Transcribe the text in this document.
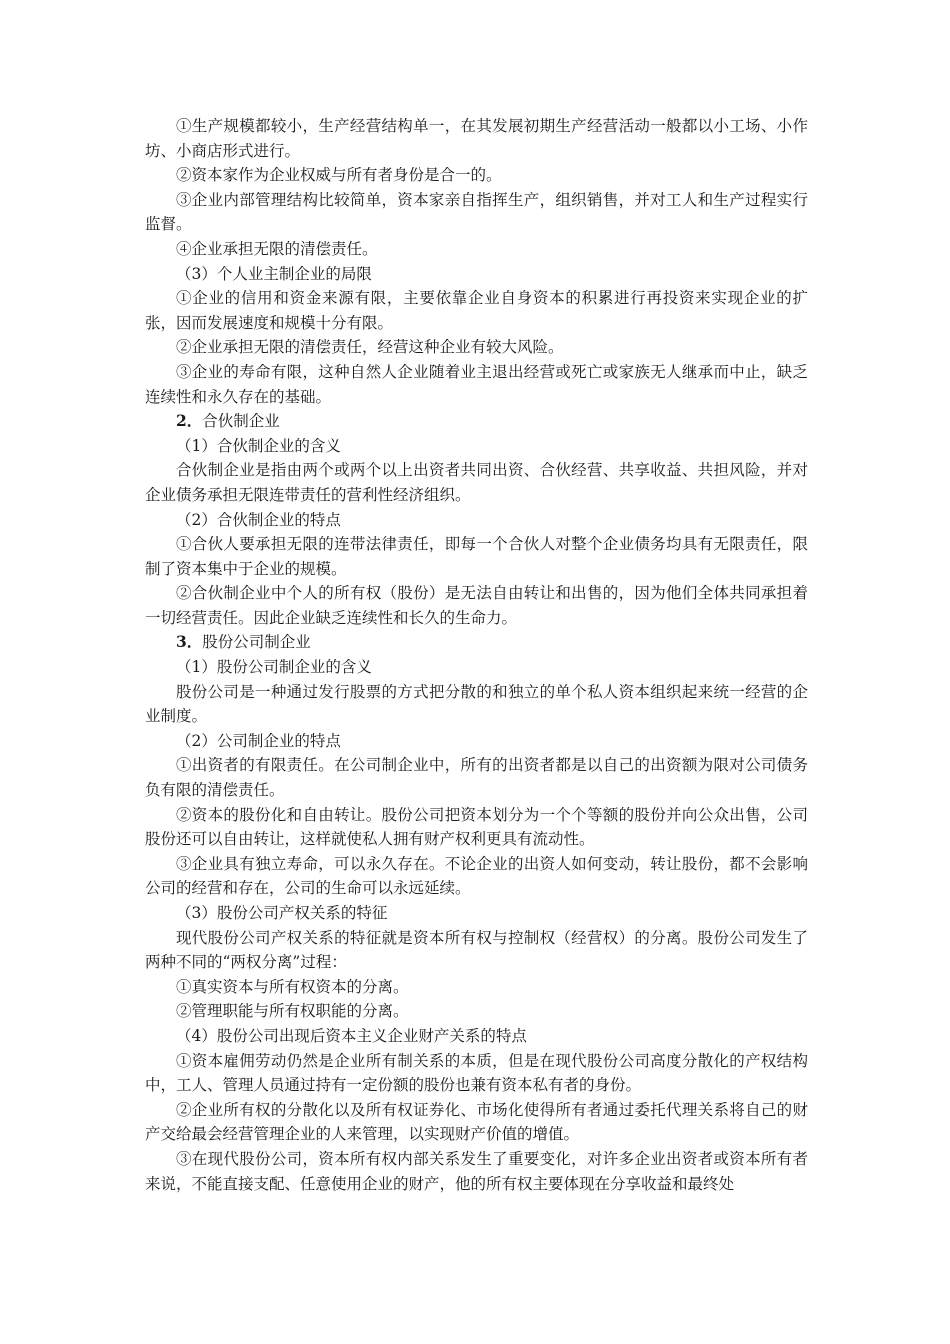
①生产规模都较小，生产经营结构单一，在其发展初期生产经营活动一般都以小工场、小作坊、小商店形式进行。

②资本家作为企业权威与所有者身份是合一的。

③企业内部管理结构比较简单，资本家亲自指挥生产，组织销售，并对工人和生产过程实行监督。

④企业承担无限的清偿责任。

（3）个人业主制企业的局限

①企业的信用和资金来源有限，主要依靠企业自身资本的积累进行再投资来实现企业的扩张，因而发展速度和规模十分有限。

②企业承担无限的清偿责任，经营这种企业有较大风险。

③企业的寿命有限，这种自然人企业随着业主退出经营或死亡或家族无人继承而中止，缺乏连续性和永久存在的基础。

2．合伙制企业

（1）合伙制企业的含义

合伙制企业是指由两个或两个以上出资者共同出资、合伙经营、共享收益、共担风险，并对企业债务承担无限连带责任的营利性经济组织。

（2）合伙制企业的特点

①合伙人要承担无限的连带法律责任，即每一个合伙人对整个企业债务均具有无限责任，限制了资本集中于企业的规模。

②合伙制企业中个人的所有权（股份）是无法自由转让和出售的，因为他们全体共同承担着一切经营责任。因此企业缺乏连续性和长久的生命力。

3．股份公司制企业

（1）股份公司制企业的含义

股份公司是一种通过发行股票的方式把分散的和独立的单个私人资本组织起来统一经营的企业制度。

（2）公司制企业的特点

①出资者的有限责任。在公司制企业中，所有的出资者都是以自己的出资额为限对公司债务负有限的清偿责任。

②资本的股份化和自由转让。股份公司把资本划分为一个个等额的股份并向公众出售，公司股份还可以自由转让，这样就使私人拥有财产权利更具有流动性。

③企业具有独立寿命，可以永久存在。不论企业的出资人如何变动，转让股份，都不会影响公司的经营和存在，公司的生命可以永远延续。

（3）股份公司产权关系的特征

现代股份公司产权关系的特征就是资本所有权与控制权（经营权）的分离。股份公司发生了两种不同的“两权分离”过程：

①真实资本与所有权资本的分离。

②管理职能与所有权职能的分离。

（4）股份公司出现后资本主义企业财产关系的特点

①资本雇佣劳动仍然是企业所有制关系的本质，但是在现代股份公司高度分散化的产权结构中，工人、管理人员通过持有一定份额的股份也兼有资本私有者的身份。

②企业所有权的分散化以及所有权证券化、市场化使得所有者通过委托代理关系将自己的财产交给最会经营管理企业的人来管理，以实现财产价值的增值。

③在现代股份公司，资本所有权内部关系发生了重要变化，对许多企业出资者或资本所有者来说，不能直接支配、任意使用企业的财产，他的所有权主要体现在分享收益和最终处
